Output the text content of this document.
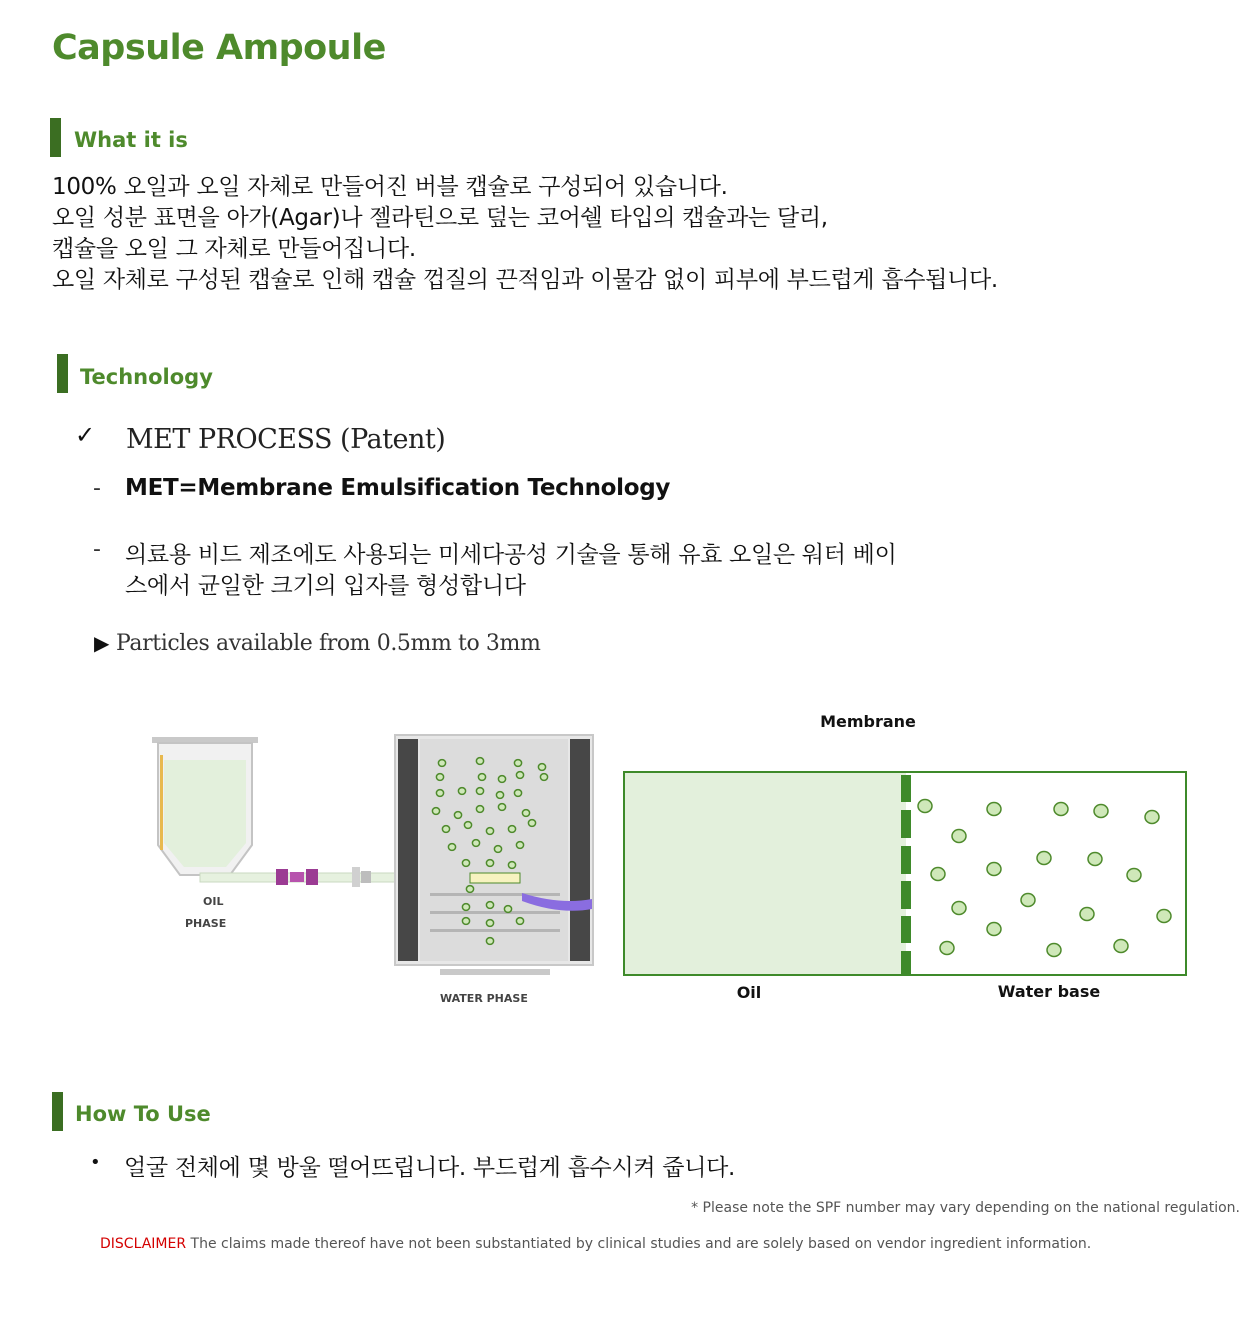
Capsule Ampoule
What it is
100% 오일과 오일 자체로 만들어진 버블 캡슐로 구성되어 있습니다.
오일 성분 표면을 아가(Agar)나 젤라틴으로 덮는 코어쉘 타입의 캡슐과는 달리,
캡슐을 오일 그 자체로 만들어집니다.
오일 자체로 구성된 캡슐로 인해 캡슐 껍질의 끈적임과 이물감 없이 피부에 부드럽게 흡수됩니다.
Technology
✓ MET PROCESS (Patent)
- MET=Membrane Emulsification Technology
- 의료용 비드 제조에도 사용되는 미세다공성 기술을 통해 유효 오일은 워터 베이
스에서 균일한 크기의 입자를 형성합니다
▶ Particles available from 0.5mm to 3mm
OIL
PHASE
WATER PHASE
Membrane
Oil	Water base
How To Use
• 얼굴 전체에 몇 방울 떨어뜨립니다. 부드럽게 흡수시켜 줍니다.
* Please note the SPF number may vary depending on the national regulation.
DISCLAIMER The claims made thereof have not been substantiated by clinical studies and are solely based on vendor ingredient information.
